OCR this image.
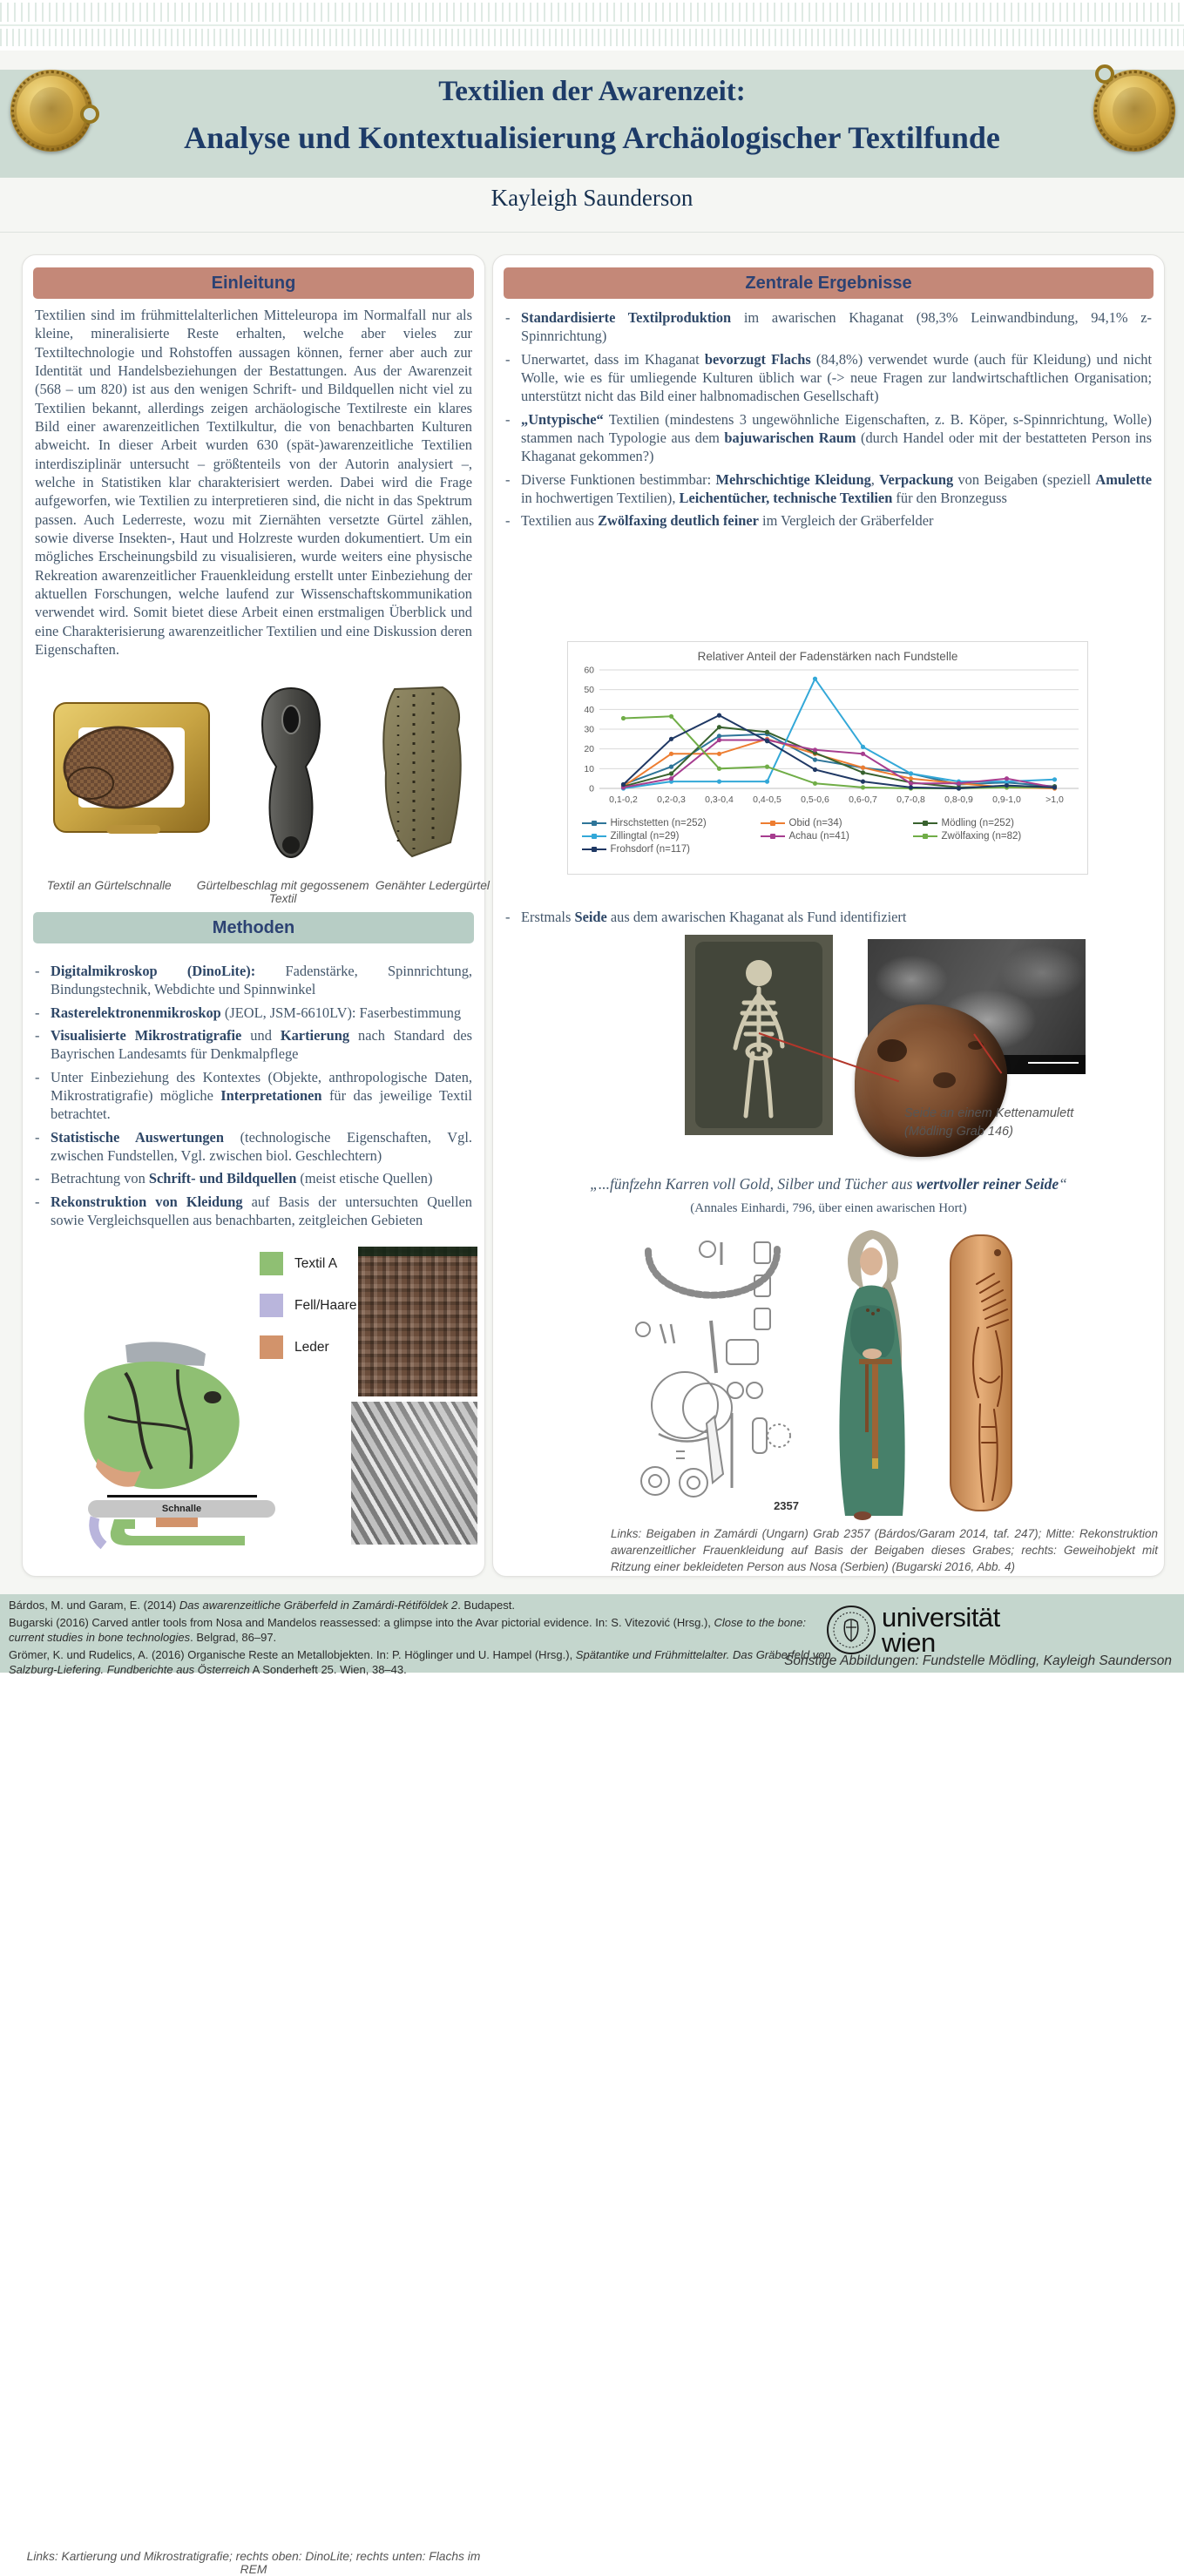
Textilien der Awarenzeit:
Analyse und Kontextualisierung Archäologischer Textilfunde
Kayleigh Saunderson
Einleitung
Textilien sind im frühmittelalterlichen Mitteleuropa im Normalfall nur als kleine, mineralisierte Reste erhalten, welche aber vieles zur Textiltechnologie und Rohstoffen aussagen können, ferner aber auch zur Identität und Handelsbeziehungen der Bestattungen. Aus der Awarenzeit (568 – um 820) ist aus den wenigen Schrift- und Bildquellen nicht viel zu Textilien bekannt, allerdings zeigen archäologische Textilreste ein klares Bild einer awarenzeitlichen Textilkultur, die von benachbarten Kulturen abweicht. In dieser Arbeit wurden 630 (spät-)awarenzeitliche Textilien interdisziplinär untersucht – größtenteils von der Autorin analysiert –, welche in Statistiken klar charakterisiert werden. Dabei wird die Frage aufgeworfen, wie Textilien zu interpretieren sind, die nicht in das Spektrum passen. Auch Lederreste, wozu mit Ziernähten versetzte Gürtel zählen, sowie diverse Insekten-, Haut und Holzreste wurden dokumentiert. Um ein mögliches Erscheinungsbild zu visualisieren, wurde weiters eine physische Rekreation awarenzeitlicher Frauenkleidung erstellt unter Einbeziehung der aktuellen Forschungen, welche laufend zur Wissenschaftskommunikation verwendet wird. Somit bietet diese Arbeit einen erstmaligen Überblick und eine Charakterisierung awarenzeitlicher Textilien und eine Diskussion deren Eigenschaften.
Textil an Gürtelschnalle	Gürtelbeschlag mit gegossenem Textil
Genähter Ledergürtel
Methoden
- Digitalmikroskop (DinoLite): Fadenstärke, Spinnrichtung, Bindungstechnik, Webdichte und Spinnwinkel
- Rasterelektronenmikroskop (JEOL, JSM-6610LV): Faserbestimmung
- Visualisierte Mikrostratigrafie und Kartierung nach Standard des Bayrischen Landesamts für Denkmalpflege
- Unter Einbeziehung des Kontextes (Objekte, anthropologische Daten, Mikrostratigrafie) mögliche Interpretationen für das jeweilige Textil betrachtet.
- Statistische Auswertungen (technologische Eigenschaften, Vgl. zwischen Fundstellen, Vgl. zwischen biol. Geschlechtern)
- Betrachtung von Schrift- und Bildquellen (meist etische Quellen)
- Rekonstruktion von Kleidung auf Basis der untersuchten Quellen sowie Vergleichsquellen aus benachbarten, zeitgleichen Gebieten
Textil A
Fell/Haare
Leder
Schnalle
Links: Kartierung und Mikrostratigrafie; rechts oben: DinoLite; rechts unten: Flachs im REM
Zentrale Ergebnisse
- Standardisierte Textilproduktion im awarischen Khaganat (98,3% Leinwandbindung, 94,1% z-Spinnrichtung)
- Unerwartet, dass im Khaganat bevorzugt Flachs (84,8%) verwendet wurde (auch für Kleidung) und nicht Wolle, wie es für umliegende Kulturen üblich war (-> neue Fragen zur landwirtschaftlichen Organisation; unterstützt nicht das Bild einer halbnomadischen Gesellschaft)
- „Untypische“ Textilien (mindestens 3 ungewöhnliche Eigenschaften, z. B. Köper, s-Spinnrichtung, Wolle) stammen nach Typologie aus dem bajuwarischen Raum (durch Handel oder mit der bestatteten Person ins Khaganat gekommen?)
- Diverse Funktionen bestimmbar: Mehrschichtige Kleidung, Verpackung von Beigaben (speziell Amulette in hochwertigen Textilien), Leichentücher, technische Textilien für den Bronzeguss
- Textilien aus Zwölfaxing deutlich feiner im Vergleich der Gräberfelder
Relativer Anteil der Fadenstärken nach Fundstelle
0
10
20
30
40
50
60
0,1-0,2 0,2-0,3 0,3-0,4 0,4-0,5 0,5-0,6 0,6-0,7 0,7-0,8 0,8-0,9 0,9-1,0	>1,0
Hirschstetten (n=252)	Obid (n=34)	Mödling (n=252)
Zillingtal (n=29)	Achau (n=41)	Zwölfaxing (n=82)
Frohsdorf (n=117)
- Erstmals Seide aus dem awarischen Khaganat als Fund identifiziert

Seide an einem Kettenamulett (Mödling Grab 146)
„...fünfzehn Karren voll Gold, Silber und Tücher aus wertvoller reiner Seide“
(Annales Einhardi, 796, über einen awarischen Hort)
2357
Links: Beigaben in Zamárdi (Ungarn) Grab 2357 (Bárdos/Garam 2014, taf. 247); Mitte: Rekonstruktion awarenzeitlicher Frauenkleidung auf Basis der Beigaben dieses Grabes; rechts: Geweihobjekt mit Ritzung einer bekleideten Person aus Nosa (Serbien) (Bugarski 2016, Abb. 4)

Bárdos, M. und Garam, E. (2014) Das awarenzeitliche Gräberfeld in Zamárdi-Rétiföldek 2. Budapest.

Bugarski (2016) Carved antler tools from Nosa and Mandelos reassessed: a glimpse into the Avar pictorial evidence. In: S. Vitezović (Hrsg.), Close to the bone: current studies in bone technologies. Belgrad, 86–97.

Grömer, K. und Rudelics, A. (2016) Organische Reste an Metallobjekten. In: P. Höglinger und U. Hampel (Hrsg.), Spätantike und Frühmittelalter. Das Gräberfeld von Salzburg-Liefering. Fundberichte aus Österreich A Sonderheft 25. Wien, 38–43.

universität
wien
Sonstige Abbildungen: Fundstelle Mödling, Kayleigh Saunderson
